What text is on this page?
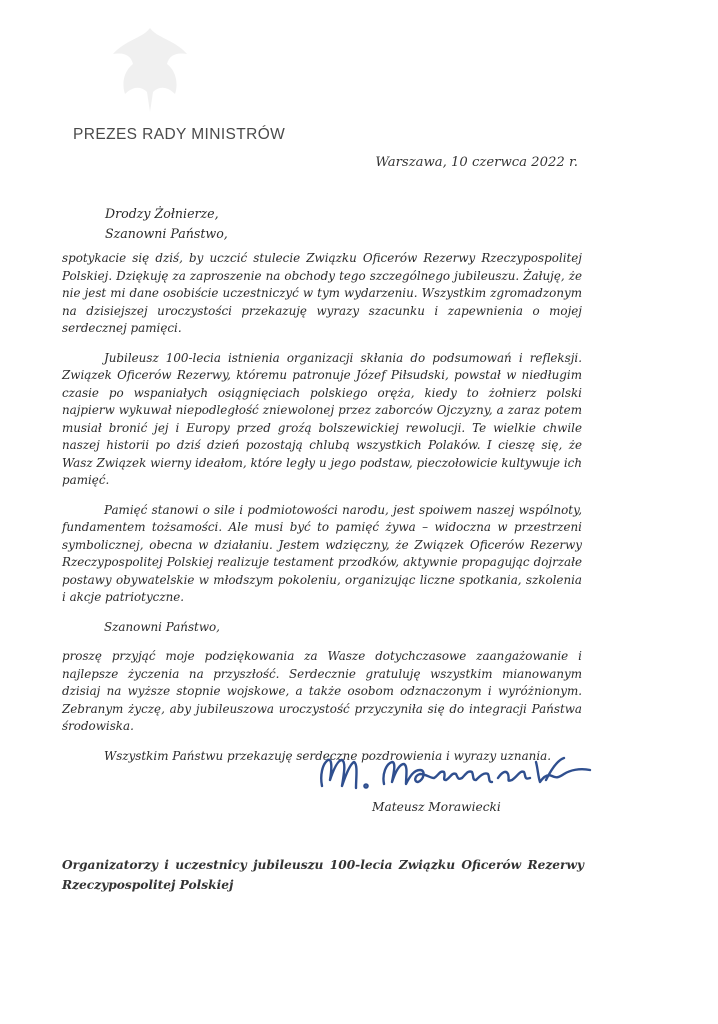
PREZES RADY MINISTRÓW
Warszawa, 10 czerwca 2022 r.
Drodzy Żołnierze,
Szanowni Państwo,

spotykacie się dziś, by uczcić stulecie Związku Oficerów Rezerwy Rzeczypospolitej Polskiej. Dziękuję za zaproszenie na obchody tego szczególnego jubileuszu. Żałuję, że nie jest mi dane osobiście uczestniczyć w tym wydarzeniu. Wszystkim zgromadzonym na dzisiejszej uroczystości przekazuję wyrazy szacunku i zapewnienia o mojej serdecznej pamięci.

Jubileusz 100-lecia istnienia organizacji skłania do podsumowań i refleksji. Związek Oficerów Rezerwy, któremu patronuje Józef Piłsudski, powstał w niedługim czasie po wspaniałych osiągnięciach polskiego oręża, kiedy to żołnierz polski najpierw wykuwał niepodległość zniewolonej przez zaborców Ojczyzny, a zaraz potem musiał bronić jej i Europy przed groźą bolszewickiej rewolucji. Te wielkie chwile naszej historii po dziś dzień pozostają chlubą wszystkich Polaków. I cieszę się, że Wasz Związek wierny ideałom, które legły u jego podstaw, pieczołowicie kultywuje ich pamięć.

Pamięć stanowi o sile i podmiotowości narodu, jest spoiwem naszej wspólnoty, fundamentem tożsamości. Ale musi być to pamięć żywa – widoczna w przestrzeni symbolicznej, obecna w działaniu. Jestem wdzięczny, że Związek Oficerów Rezerwy Rzeczypospolitej Polskiej realizuje testament przodków, aktywnie propagując dojrzałe postawy obywatelskie w młodszym pokoleniu, organizując liczne spotkania, szkolenia i akcje patriotyczne.

Szanowni Państwo,

proszę przyjąć moje podziękowania za Wasze dotychczasowe zaangażowanie i najlepsze życzenia na przyszłość. Serdecznie gratuluję wszystkim mianowanym dzisiaj na wyższe stopnie wojskowe, a także osobom odznaczonym i wyróżnionym. Zebranym życzę, aby jubileuszowa uroczystość przyczyniła się do integracji Państwa środowiska.

Wszystkim Państwu przekazuję serdeczne pozdrowienia i wyrazy uznania.

Mateusz Morawiecki
Organizatorzy i uczestnicy jubileuszu 100-lecia Związku Oficerów Rezerwy Rzeczypospolitej Polskiej
